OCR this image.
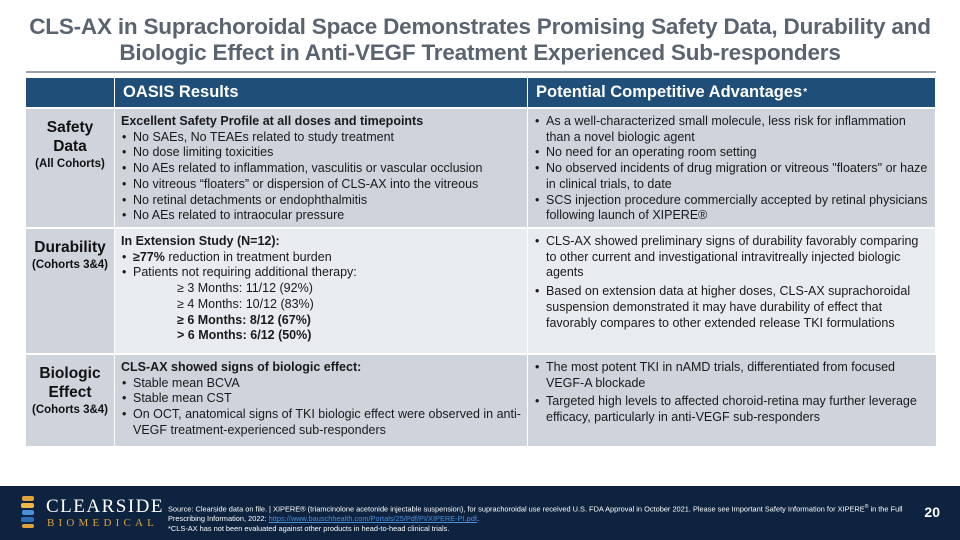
CLS-AX in Suprachoroidal Space Demonstrates Promising Safety Data, Durability and
Biologic Effect in Anti-VEGF Treatment Experienced Sub-responders
OASIS Results	Potential Competitive Advantages *
Safety Data
(All Cohorts)
Excellent Safety Profile at all doses and timepoints
• No SAEs, No TEAEs related to study treatment
• No dose limiting toxicities
• No AEs related to inflammation, vasculitis or vascular occlusion
• No vitreous “floaters” or dispersion of CLS-AX into the vitreous
• No retinal detachments or endophthalmitis
• No AEs related to intraocular pressure
• As a well-characterized small molecule, less risk for inflammation than a novel biologic agent
• No need for an operating room setting
• No observed incidents of drug migration or vitreous "floaters" or haze in clinical trials, to date
• SCS injection procedure commercially accepted by retinal physicians following launch of XIPERE®
Durability
(Cohorts 3&4)
In Extension Study (N=12):
• ≥77% reduction in treatment burden
• Patients not requiring additional therapy:
≥ 3 Months: 11/12 (92%)
≥ 4 Months: 10/12 (83%)
≥ 6 Months: 8/12 (67%)
> 6 Months: 6/12 (50%)
• CLS-AX showed preliminary signs of durability favorably comparing to other current and investigational intravitreally injected biologic agents
• Based on extension data at higher doses, CLS-AX suprachoroidal suspension demonstrated it may have durability of effect that favorably compares to other extended release TKI formulations
Biologic Effect
(Cohorts 3&4)
CLS-AX showed signs of biologic effect:
• Stable mean BCVA
• Stable mean CST
• On OCT, anatomical signs of TKI biologic effect were observed in anti-VEGF treatment-experienced sub-responders
• The most potent TKI in nAMD trials, differentiated from focused VEGF-A blockade
• Targeted high levels to affected choroid-retina may further leverage efficacy, particularly in anti-VEGF sub-responders
CLEARSIDE
BIOMEDICAL
Source: Clearside data on file. | XIPERE® (triamcinolone acetonide injectable suspension), for suprachoroidal use received U.S. FDA Approval in October 2021. Please see Important Safety Information for XIPERE® in the Full Prescribing Information, 2022: https://www.bauschhealth.com/Portals/25/Pdf/PI/XIPERE-PI.pdf.
*CLS-AX has not been evaluated against other products in head-to-head clinical trials.
20
